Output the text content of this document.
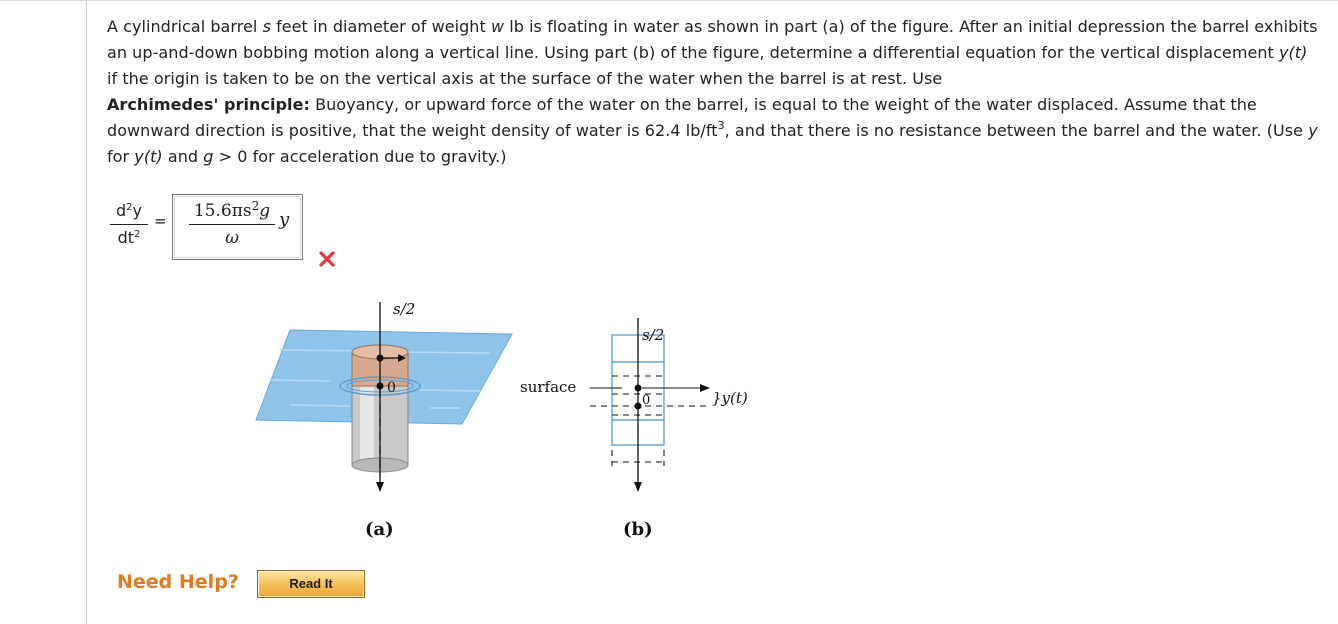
A cylindrical barrel s feet in diameter of weight w lb is floating in water as shown in part (a) of the figure. After an initial depression the barrel exhibits an up-and-down bobbing motion along a vertical line. Using part (b) of the figure, determine a differential equation for the vertical displacement y(t) if the origin is taken to be on the vertical axis at the surface of the water when the barrel is at rest. Use
Archimedes' principle: Buoyancy, or upward force of the water on the barrel, is equal to the weight of the water displaced. Assume that the downward direction is positive, that the weight density of water is 62.4 $lb/ft^3$, and that there is no resistance between the barrel and the water. (Use y for y(t) and g > 0 for acceleration due to gravity.)

$d^2y$
$dt^2$
=	$15.6\pi s^2g$
ω
y
s/2
0
(a)
s/2
surface
0	}y(t)
(b)
Need Help?	Read It
